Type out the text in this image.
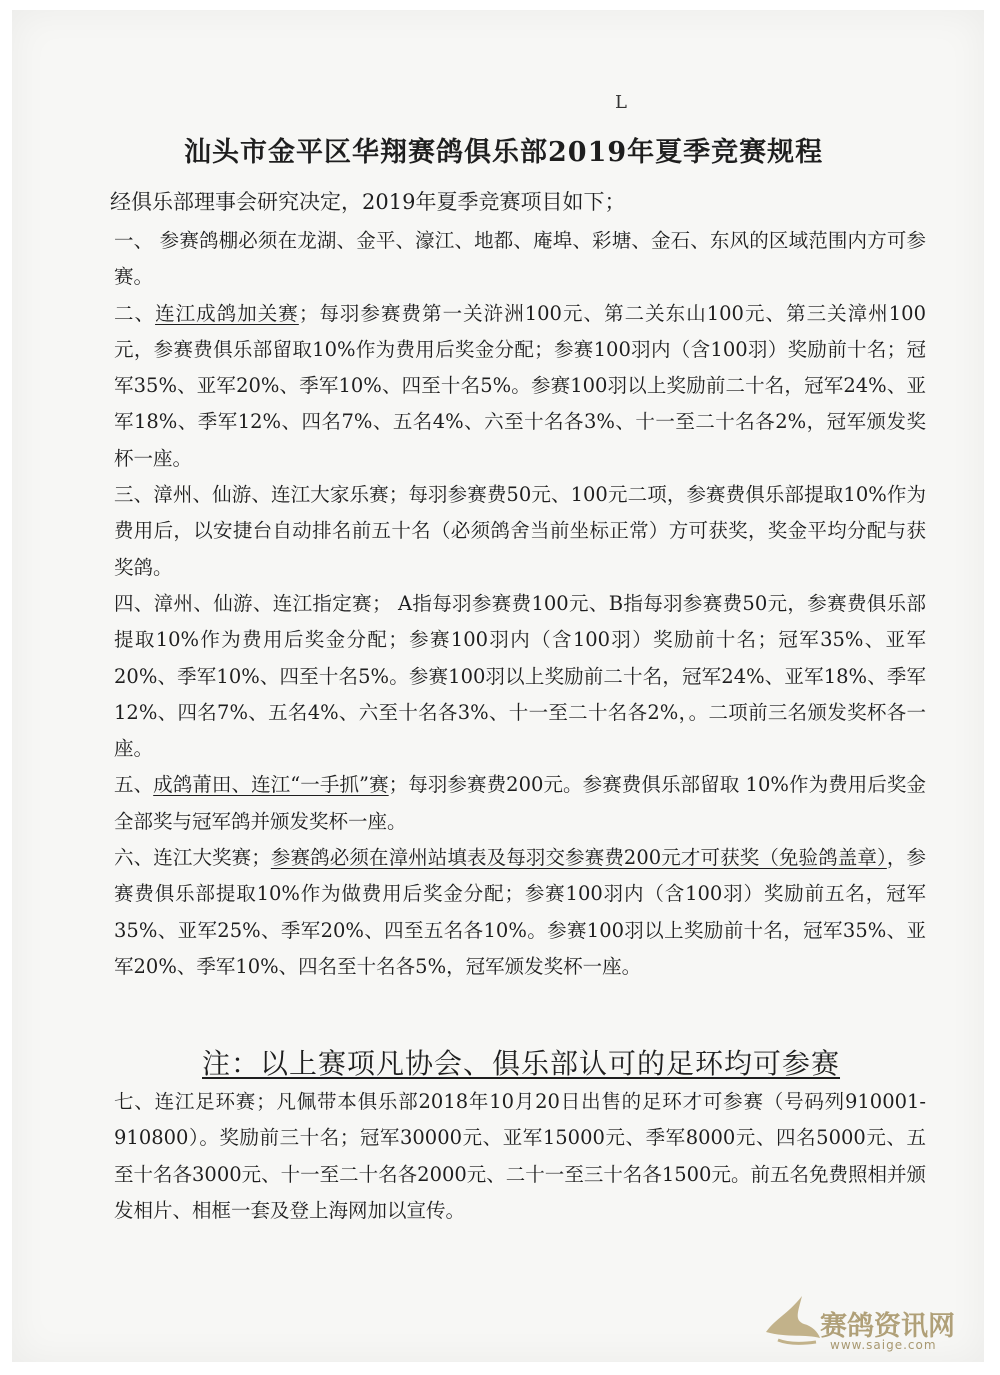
L
汕头市金平区华翔赛鸽俱乐部2019年夏季竞赛规程
经俱乐部理事会研究决定，2019年夏季竞赛项目如下；

一、 参赛鸽棚必须在龙湖、金平、濠江、地都、庵埠、彩塘、金石、东风的区域范围内方可参赛。

二、连江成鸽加关赛；每羽参赛费第一关浒洲100元、第二关东山100元、第三关漳州100元，参赛费俱乐部留取10%作为费用后奖金分配；参赛100羽内（含100羽）奖励前十名；冠军35%、亚军20%、季军10%、四至十名5%。参赛100羽以上奖励前二十名，冠军24%、亚军18%、季军12%、四名7%、五名4%、六至十名各3%、十一至二十名各2%，冠军颁发奖杯一座。

三、漳州、仙游、连江大家乐赛；每羽参赛费50元、100元二项，参赛费俱乐部提取10%作为费用后，以安捷台自动排名前五十名（必须鸽舍当前坐标正常）方可获奖，奖金平均分配与获奖鸽。

四、漳州、仙游、连江指定赛； A指每羽参赛费100元、B指每羽参赛费50元，参赛费俱乐部提取10%作为费用后奖金分配；参赛100羽内（含100羽）奖励前十名；冠军35%、亚军20%、季军10%、四至十名5%。参赛100羽以上奖励前二十名，冠军24%、亚军18%、季军12%、四名7%、五名4%、六至十名各3%、十一至二十名各2%，。二项前三名颁发奖杯各一座。

五、成鸽莆田、连江“一手抓”赛；每羽参赛费200元。参赛费俱乐部留取 10%作为费用后奖金全部奖与冠军鸽并颁发奖杯一座。

六、连江大奖赛；参赛鸽必须在漳州站填表及每羽交参赛费200元才可获奖（免验鸽盖章），参赛费俱乐部提取10%作为做费用后奖金分配；参赛100羽内（含100羽）奖励前五名，冠军35%、亚军25%、季军20%、四至五名各10%。参赛100羽以上奖励前十名，冠军35%、亚军20%、季军10%、四名至十名各5%，冠军颁发奖杯一座。

注：以上赛项凡协会、俱乐部认可的足环均可参赛

七、连江足环赛；凡佩带本俱乐部2018年10月20日出售的足环才可参赛（号码列910001-910800）。奖励前三十名；冠军30000元、亚军15000元、季军8000元、四名5000元、五至十名各3000元、十一至二十名各2000元、二十一至三十名各1500元。前五名免费照相并颁发相片、相框一套及登上海网加以宣传。

赛鸽资讯网
www.saige.com
